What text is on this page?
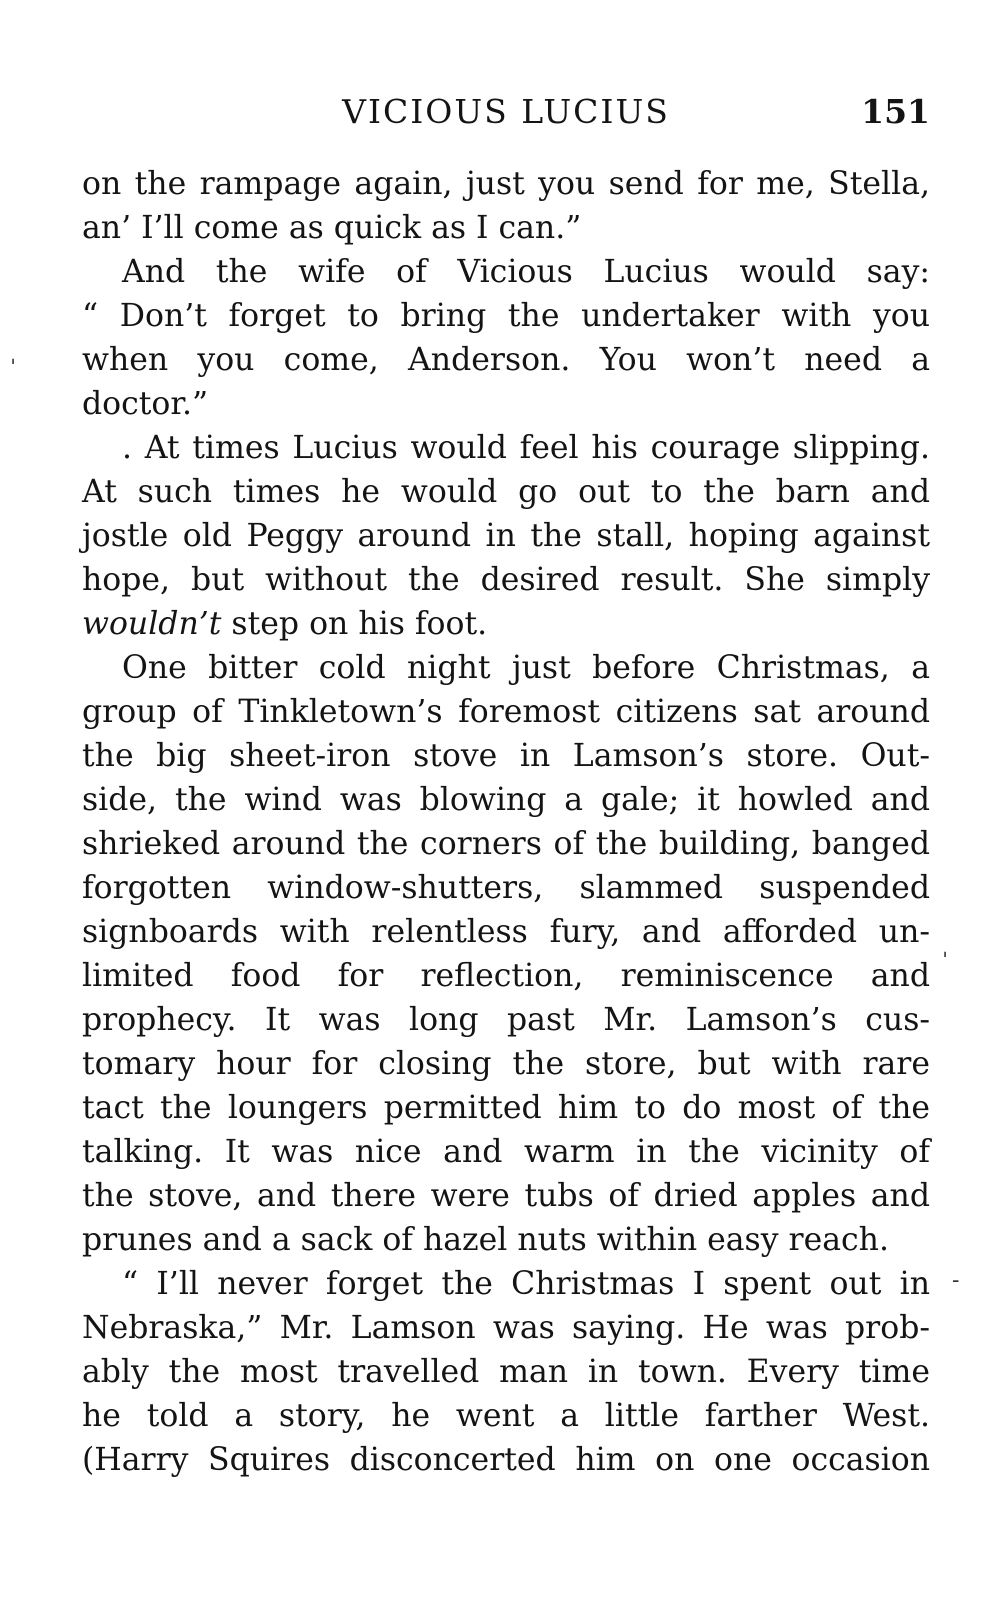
VICIOUS LUCIUS	151
on the rampage again, just you send for me, Stella,
an’ I’ll come as quick as I can.”
And the wife of Vicious Lucius would say:
“ Don’t forget to bring the undertaker with you
when you come, Anderson. You won’t need a
doctor.”
. At times Lucius would feel his courage slipping.
At such times he would go out to the barn and
jostle old Peggy around in the stall, hoping against
hope, but without the desired result. She simply
wouldn’t step on his foot.
One bitter cold night just before Christmas, a
group of Tinkletown’s foremost citizens sat around
the big sheet-iron stove in Lamson’s store. Out-
side, the wind was blowing a gale; it howled and
shrieked around the corners of the building, banged
forgotten window-shutters, slammed suspended
signboards with relentless fury, and afforded un-
limited food for reflection, reminiscence and
prophecy. It was long past Mr. Lamson’s cus-
tomary hour for closing the store, but with rare
tact the loungers permitted him to do most of the
talking. It was nice and warm in the vicinity of
the stove, and there were tubs of dried apples and
prunes and a sack of hazel nuts within easy reach.
“ I’ll never forget the Christmas I spent out in
Nebraska,” Mr. Lamson was saying. He was prob-
ably the most travelled man in town. Every time
he told a story, he went a little farther West.
(Harry Squires disconcerted him on one occasion
ˌ
ˈ
-
